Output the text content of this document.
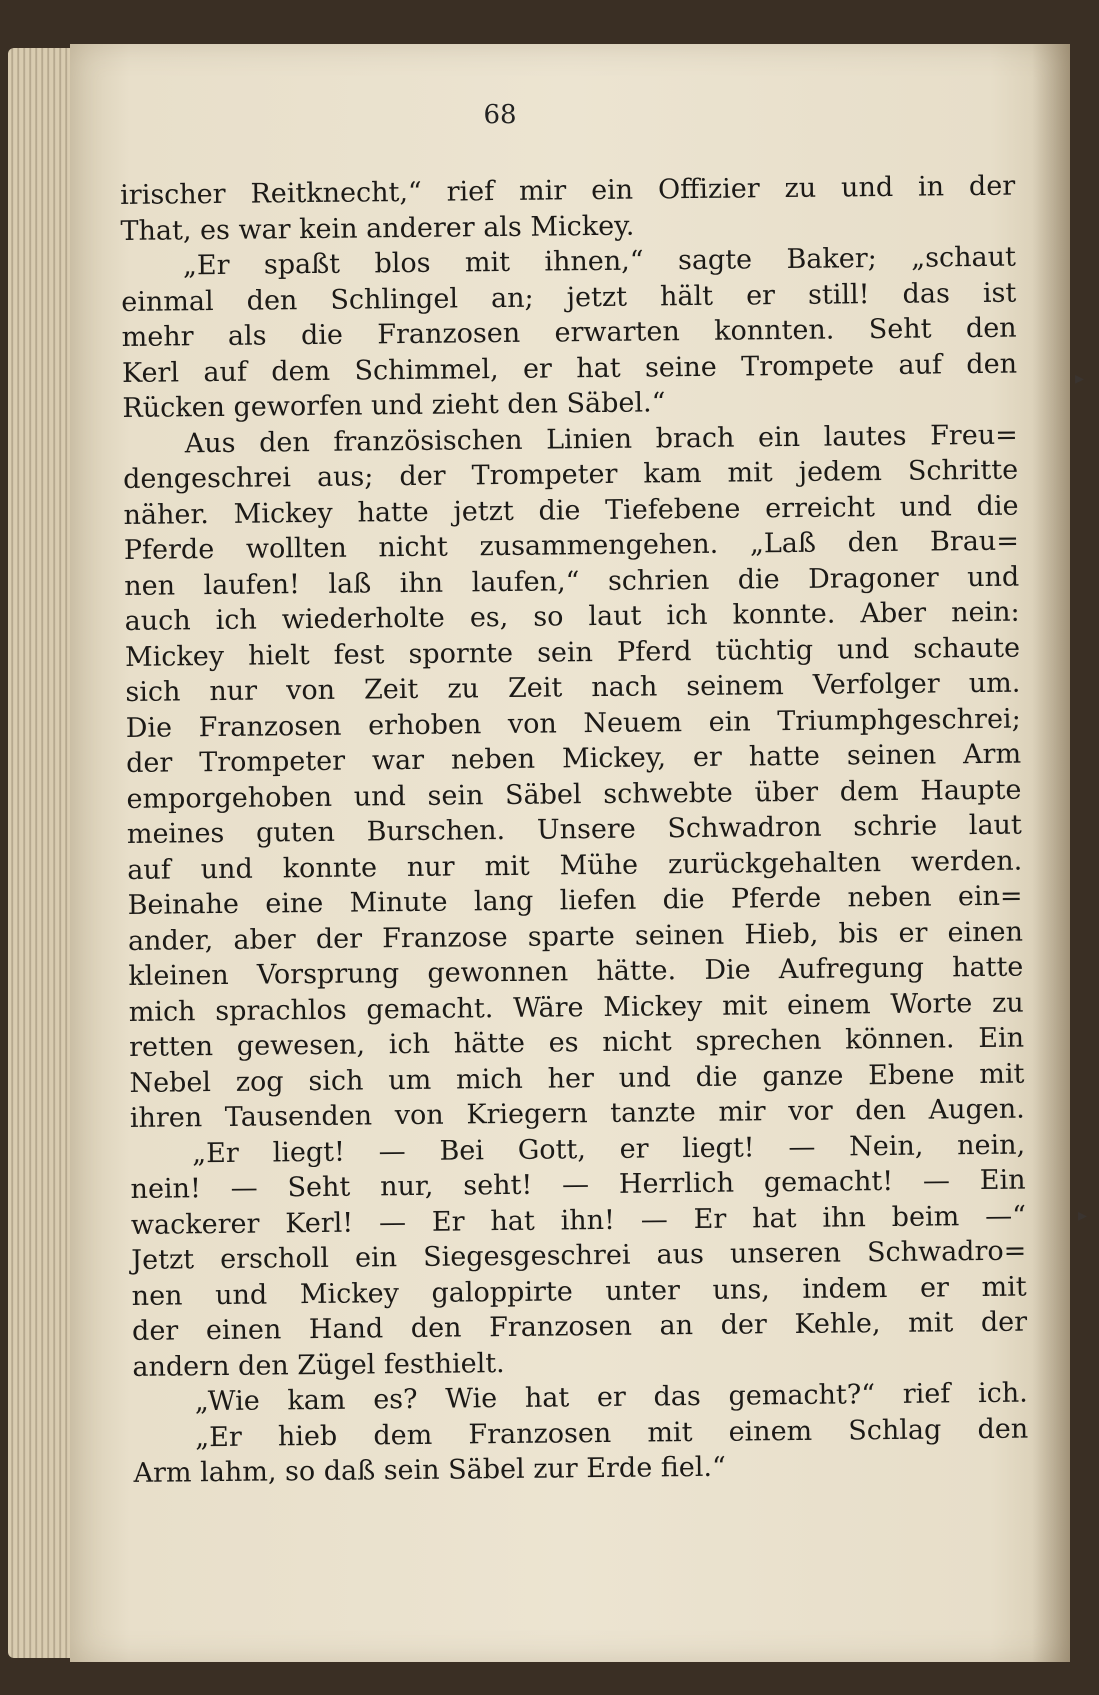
68
irischer Reitknecht,“ rief mir ein Offizier zu und in der
That, es war kein anderer als Mickey.
„Er spaßt blos mit ihnen,“ sagte Baker; „schaut
einmal den Schlingel an; jetzt hält er still! das ist
mehr als die Franzosen erwarten konnten. Seht den
Kerl auf dem Schimmel, er hat seine Trompete auf den
Rücken geworfen und zieht den Säbel.“
Aus den französischen Linien brach ein lautes Freu=
dengeschrei aus; der Trompeter kam mit jedem Schritte
näher. Mickey hatte jetzt die Tiefebene erreicht und die
Pferde wollten nicht zusammengehen. „Laß den Brau=
nen laufen! laß ihn laufen,“ schrien die Dragoner und
auch ich wiederholte es, so laut ich konnte. Aber nein:
Mickey hielt fest spornte sein Pferd tüchtig und schaute
sich nur von Zeit zu Zeit nach seinem Verfolger um.
Die Franzosen erhoben von Neuem ein Triumphgeschrei;
der Trompeter war neben Mickey, er hatte seinen Arm
emporgehoben und sein Säbel schwebte über dem Haupte
meines guten Burschen. Unsere Schwadron schrie laut
auf und konnte nur mit Mühe zurückgehalten werden.
Beinahe eine Minute lang liefen die Pferde neben ein=
ander, aber der Franzose sparte seinen Hieb, bis er einen
kleinen Vorsprung gewonnen hätte. Die Aufregung hatte
mich sprachlos gemacht. Wäre Mickey mit einem Worte zu
retten gewesen, ich hätte es nicht sprechen können. Ein
Nebel zog sich um mich her und die ganze Ebene mit
ihren Tausenden von Kriegern tanzte mir vor den Augen.
„Er liegt! — Bei Gott, er liegt! — Nein, nein,
nein! — Seht nur, seht! — Herrlich gemacht! — Ein
wackerer Kerl! — Er hat ihn! — Er hat ihn beim —“
Jetzt erscholl ein Siegesgeschrei aus unseren Schwadro=
nen und Mickey galoppirte unter uns, indem er mit
der einen Hand den Franzosen an der Kehle, mit der
andern den Zügel festhielt.
„Wie kam es? Wie hat er das gemacht?“ rief ich.
„Er hieb dem Franzosen mit einem Schlag den
Arm lahm, so daß sein Säbel zur Erde fiel.“
▸
▸
